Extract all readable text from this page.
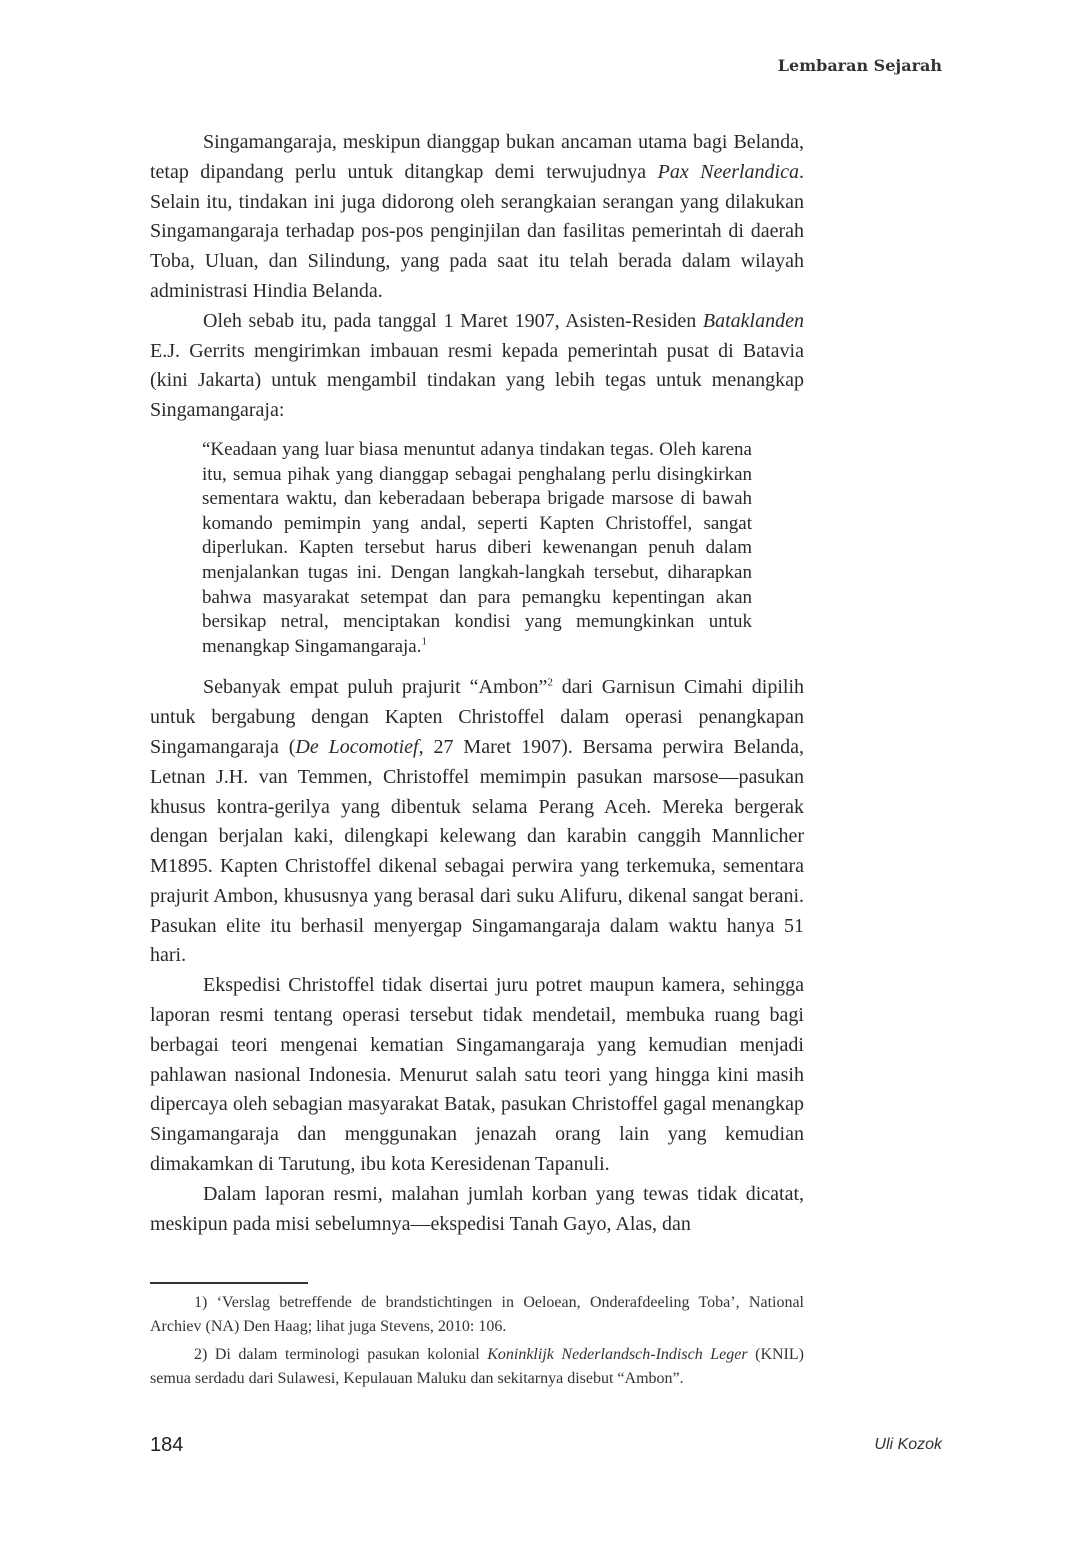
Lembaran Sejarah

Singamangaraja, meskipun dianggap bukan ancaman utama bagi Belanda, tetap dipandang perlu untuk ditangkap demi terwujudnya Pax Neerlandica. Selain itu, tindakan ini juga didorong oleh serangkaian serangan yang dilakukan Singamangaraja terhadap pos-pos penginjilan dan fasilitas pemerintah di daerah Toba, Uluan, dan Silindung, yang pada saat itu telah berada dalam wilayah administrasi Hindia Belanda.

Oleh sebab itu, pada tanggal 1 Maret 1907, Asisten-Residen Bataklanden E.J. Gerrits mengirimkan imbauan resmi kepada pemerintah pusat di Batavia (kini Jakarta) untuk mengambil tindakan yang lebih tegas untuk menangkap Singamangaraja:

“Keadaan yang luar biasa menuntut adanya tindakan tegas. Oleh karena itu, semua pihak yang dianggap sebagai penghalang perlu disingkirkan sementara waktu, dan keberadaan beberapa brigade marsose di bawah komando pemimpin yang andal, seperti Kapten Christoffel, sangat diperlukan. Kapten tersebut harus diberi kewenangan penuh dalam menjalankan tugas ini. Dengan langkah-langkah tersebut, diharapkan bahwa masyarakat setempat dan para pemangku kepentingan akan bersikap netral, menciptakan kondisi yang memungkinkan untuk menangkap Singamangaraja.$^1$

Sebanyak empat puluh prajurit “Ambon”$^2$ dari Garnisun Cimahi dipilih untuk bergabung dengan Kapten Christoffel dalam operasi penangkapan Singamangaraja (De Locomotief, 27 Maret 1907). Bersama perwira Belanda, Letnan J.H. van Temmen, Christoffel memimpin pasukan marsose—pasukan khusus kontra-gerilya yang dibentuk selama Perang Aceh. Mereka bergerak dengan berjalan kaki, dilengkapi kelewang dan karabin canggih Mannlicher M1895. Kapten Christoffel dikenal sebagai perwira yang terkemuka, sementara prajurit Ambon, khususnya yang berasal dari suku Alifuru, dikenal sangat berani. Pasukan elite itu berhasil menyergap Singamangaraja dalam waktu hanya 51 hari.

Ekspedisi Christoffel tidak disertai juru potret maupun kamera, sehingga laporan resmi tentang operasi tersebut tidak mendetail, membuka ruang bagi berbagai teori mengenai kematian Singamangaraja yang kemudian menjadi pahlawan nasional Indonesia. Menurut salah satu teori yang hingga kini masih dipercaya oleh sebagian masyarakat Batak, pasukan Christoffel gagal menangkap Singamangaraja dan menggunakan jenazah orang lain yang kemudian dimakamkan di Tarutung, ibu kota Keresidenan Tapanuli.

Dalam laporan resmi, malahan jumlah korban yang tewas tidak dicatat, meskipun pada misi sebelumnya—ekspedisi Tanah Gayo, Alas, dan

1) ‘Verslag betreffende de brandstichtingen in Oeloean, Onderafdeeling Toba’, National Archiev (NA) Den Haag; lihat juga Stevens, 2010: 106.

2) Di dalam terminologi pasukan kolonial Koninklijk Nederlandsch-Indisch Leger (KNIL) semua serdadu dari Sulawesi, Kepulauan Maluku dan sekitarnya disebut “Ambon”.

184	Uli Kozok
